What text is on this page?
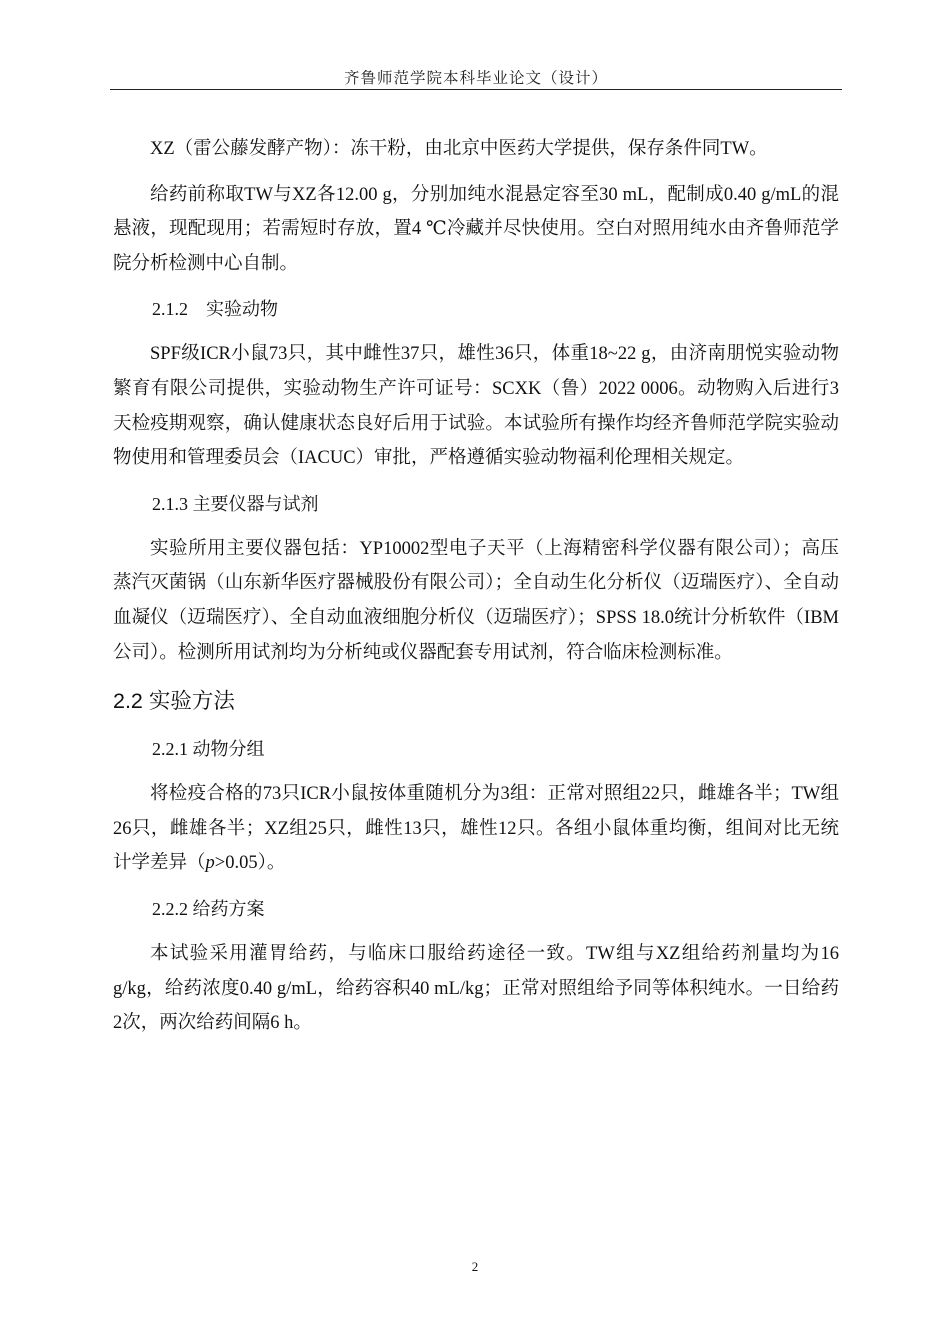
齐鲁师范学院本科毕业论文（设计）

XZ（雷公藤发酵产物）：冻干粉，由北京中医药大学提供，保存条件同TW。

给药前称取TW与XZ各12.00 g，分别加纯水混悬定容至30 mL，配制成0.40 g/mL的混悬液，现配现用；若需短时存放，置4 ℃冷藏并尽快使用。空白对照用纯水由齐鲁师范学院分析检测中心自制。

2.1.2　实验动物

SPF级ICR小鼠73只，其中雌性37只，雄性36只，体重18~22 g，由济南朋悦实验动物繁育有限公司提供，实验动物生产许可证号：SCXK（鲁）2022 0006。动物购入后进行3天检疫期观察，确认健康状态良好后用于试验。本试验所有操作均经齐鲁师范学院实验动物使用和管理委员会（IACUC）审批，严格遵循实验动物福利伦理相关规定。

2.1.3 主要仪器与试剂

实验所用主要仪器包括：YP10002型电子天平（上海精密科学仪器有限公司）；高压蒸汽灭菌锅（山东新华医疗器械股份有限公司）；全自动生化分析仪（迈瑞医疗）、全自动血凝仪（迈瑞医疗）、全自动血液细胞分析仪（迈瑞医疗）；SPSS 18.0统计分析软件（IBM公司）。检测所用试剂均为分析纯或仪器配套专用试剂，符合临床检测标准。

2.2 实验方法
2.2.1 动物分组

将检疫合格的73只ICR小鼠按体重随机分为3组：正常对照组22只，雌雄各半；TW组26只，雌雄各半；XZ组25只，雌性13只，雄性12只。各组小鼠体重均衡，组间对比无统计学差异（p>0.05）。

2.2.2 给药方案

本试验采用灌胃给药，与临床口服给药途径一致。TW组与XZ组给药剂量均为16 g/kg，给药浓度0.40 g/mL，给药容积40 mL/kg；正常对照组给予同等体积纯水。一日给药2次，两次给药间隔6 h。

2
